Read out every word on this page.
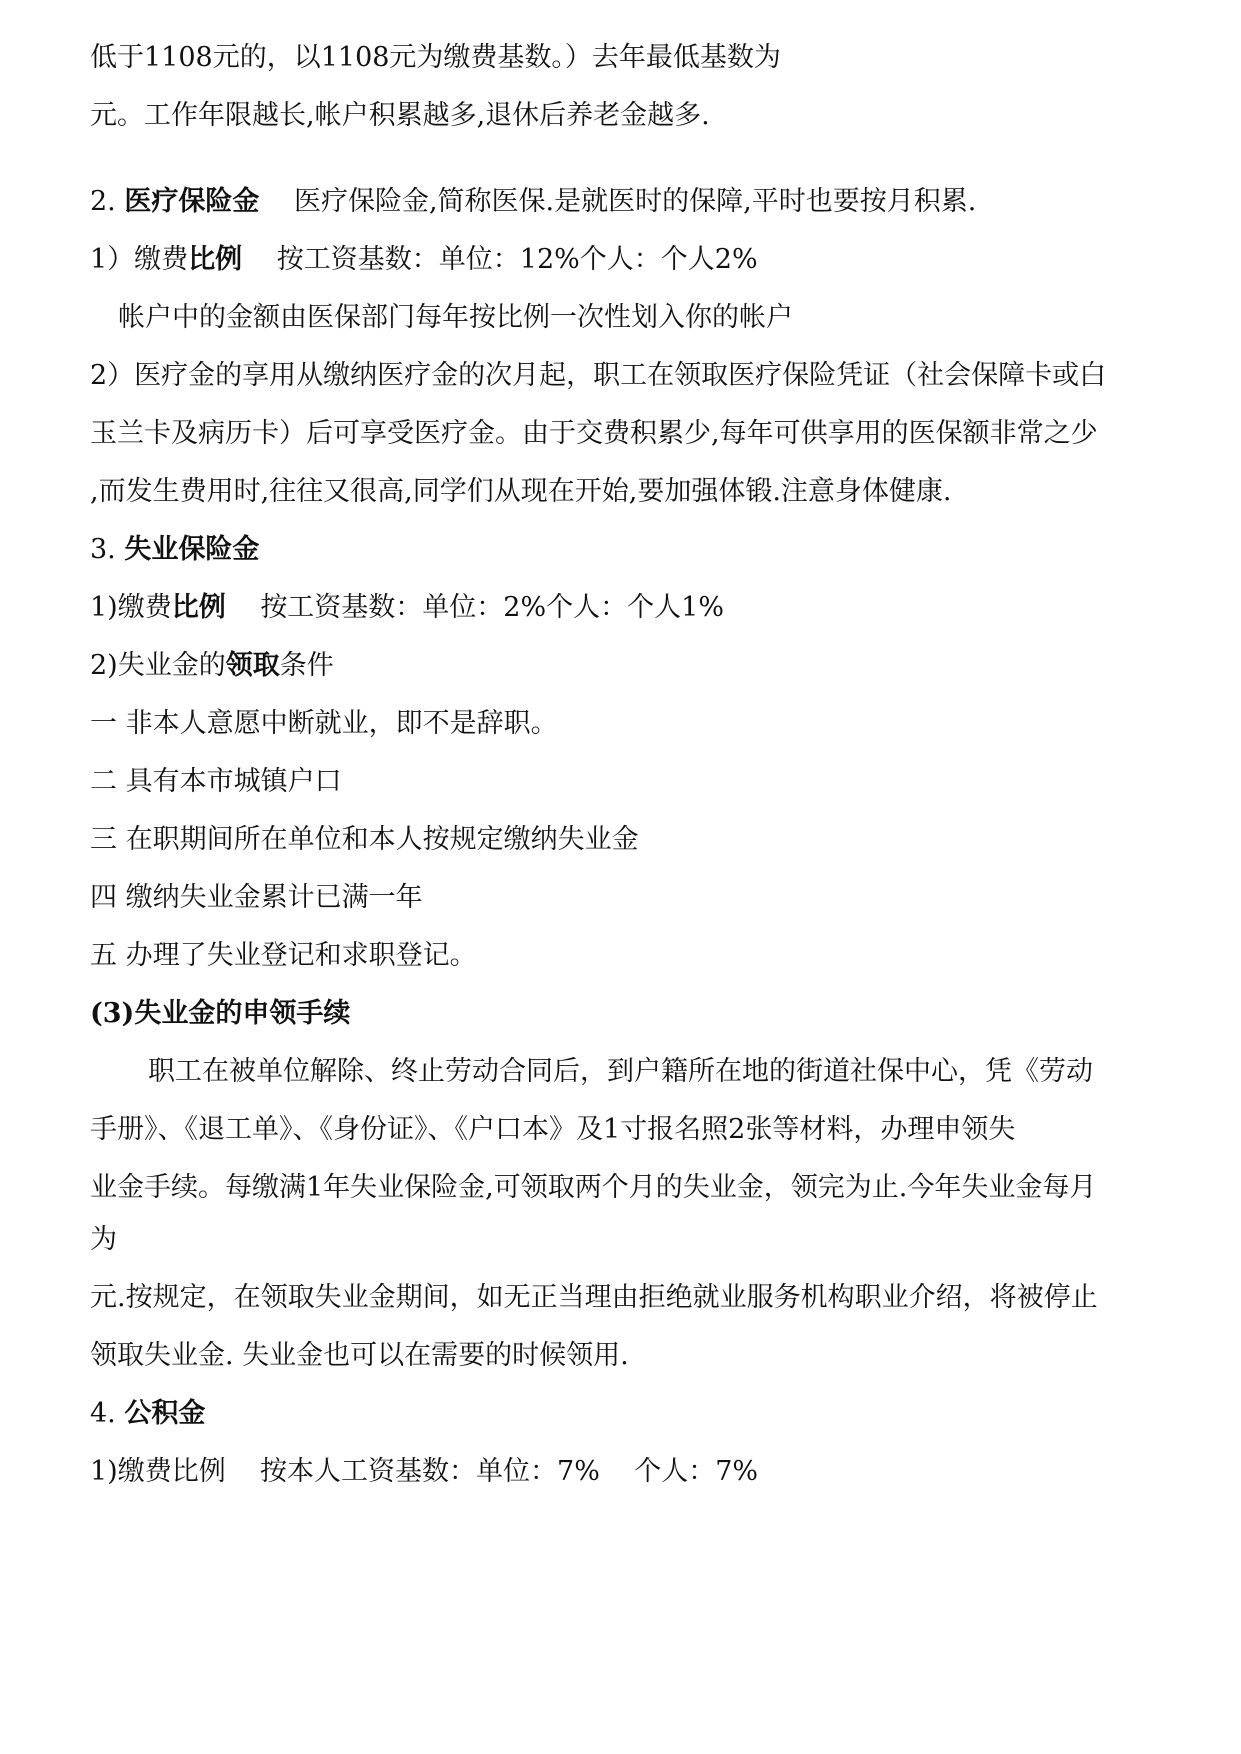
低于1108元的，以1108元为缴费基数。）去年最低基数为
元。工作年限越长,帐户积累越多,退休后养老金越多.
2. 医疗保险金 医疗保险金,简称医保.是就医时的保障,平时也要按月积累.
1）缴费比例 按工资基数：单位：12%个人：个人2%
帐户中的金额由医保部门每年按比例一次性划入你的帐户
2）医疗金的享用从缴纳医疗金的次月起，职工在领取医疗保险凭证（社会保障卡或白
玉兰卡及病历卡）后可享受医疗金。由于交费积累少,每年可供享用的医保额非常之少
,而发生费用时,往往又很高,同学们从现在开始,要加强体锻.注意身体健康.
3. 失业保险金
1)缴费比例 按工资基数：单位：2%个人：个人1%
2)失业金的领取条件
一 非本人意愿中断就业，即不是辞职。
二 具有本市城镇户口
三 在职期间所在单位和本人按规定缴纳失业金
四 缴纳失业金累计已满一年
五 办理了失业登记和求职登记。
(3)失业金的申领手续
职工在被单位解除、终止劳动合同后，到户籍所在地的街道社保中心，凭《劳动
手册》、《退工单》、《身份证》、《户口本》及1寸报名照2张等材料，办理申领失
业金手续。每缴满1年失业保险金,可领取两个月的失业金，领完为止.今年失业金每月
为
元.按规定，在领取失业金期间，如无正当理由拒绝就业服务机构职业介绍，将被停止
领取失业金. 失业金也可以在需要的时候领用.
4. 公积金
1)缴费比例    按本人工资基数：单位：7%    个人：7%
